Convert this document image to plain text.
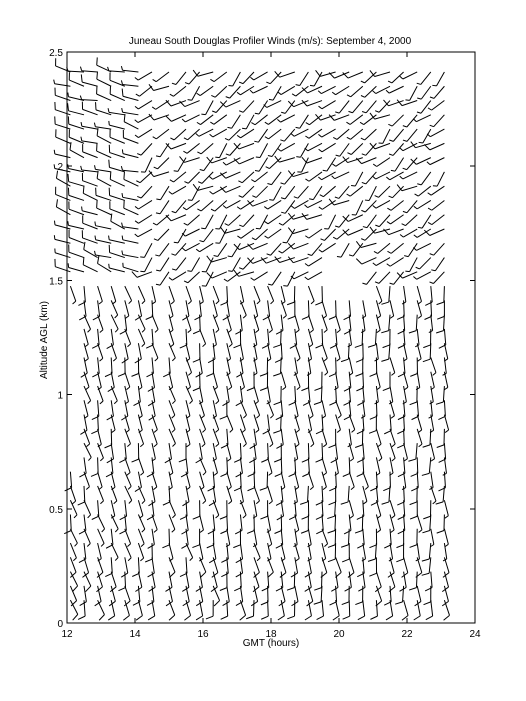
Juneau South Douglas Profiler Winds (m/s): September 4, 2000
12	14	16	18	20	22	24
0
0.5
1
1.5
2
2.5
GMT (hours)
Altitude AGL (km)
